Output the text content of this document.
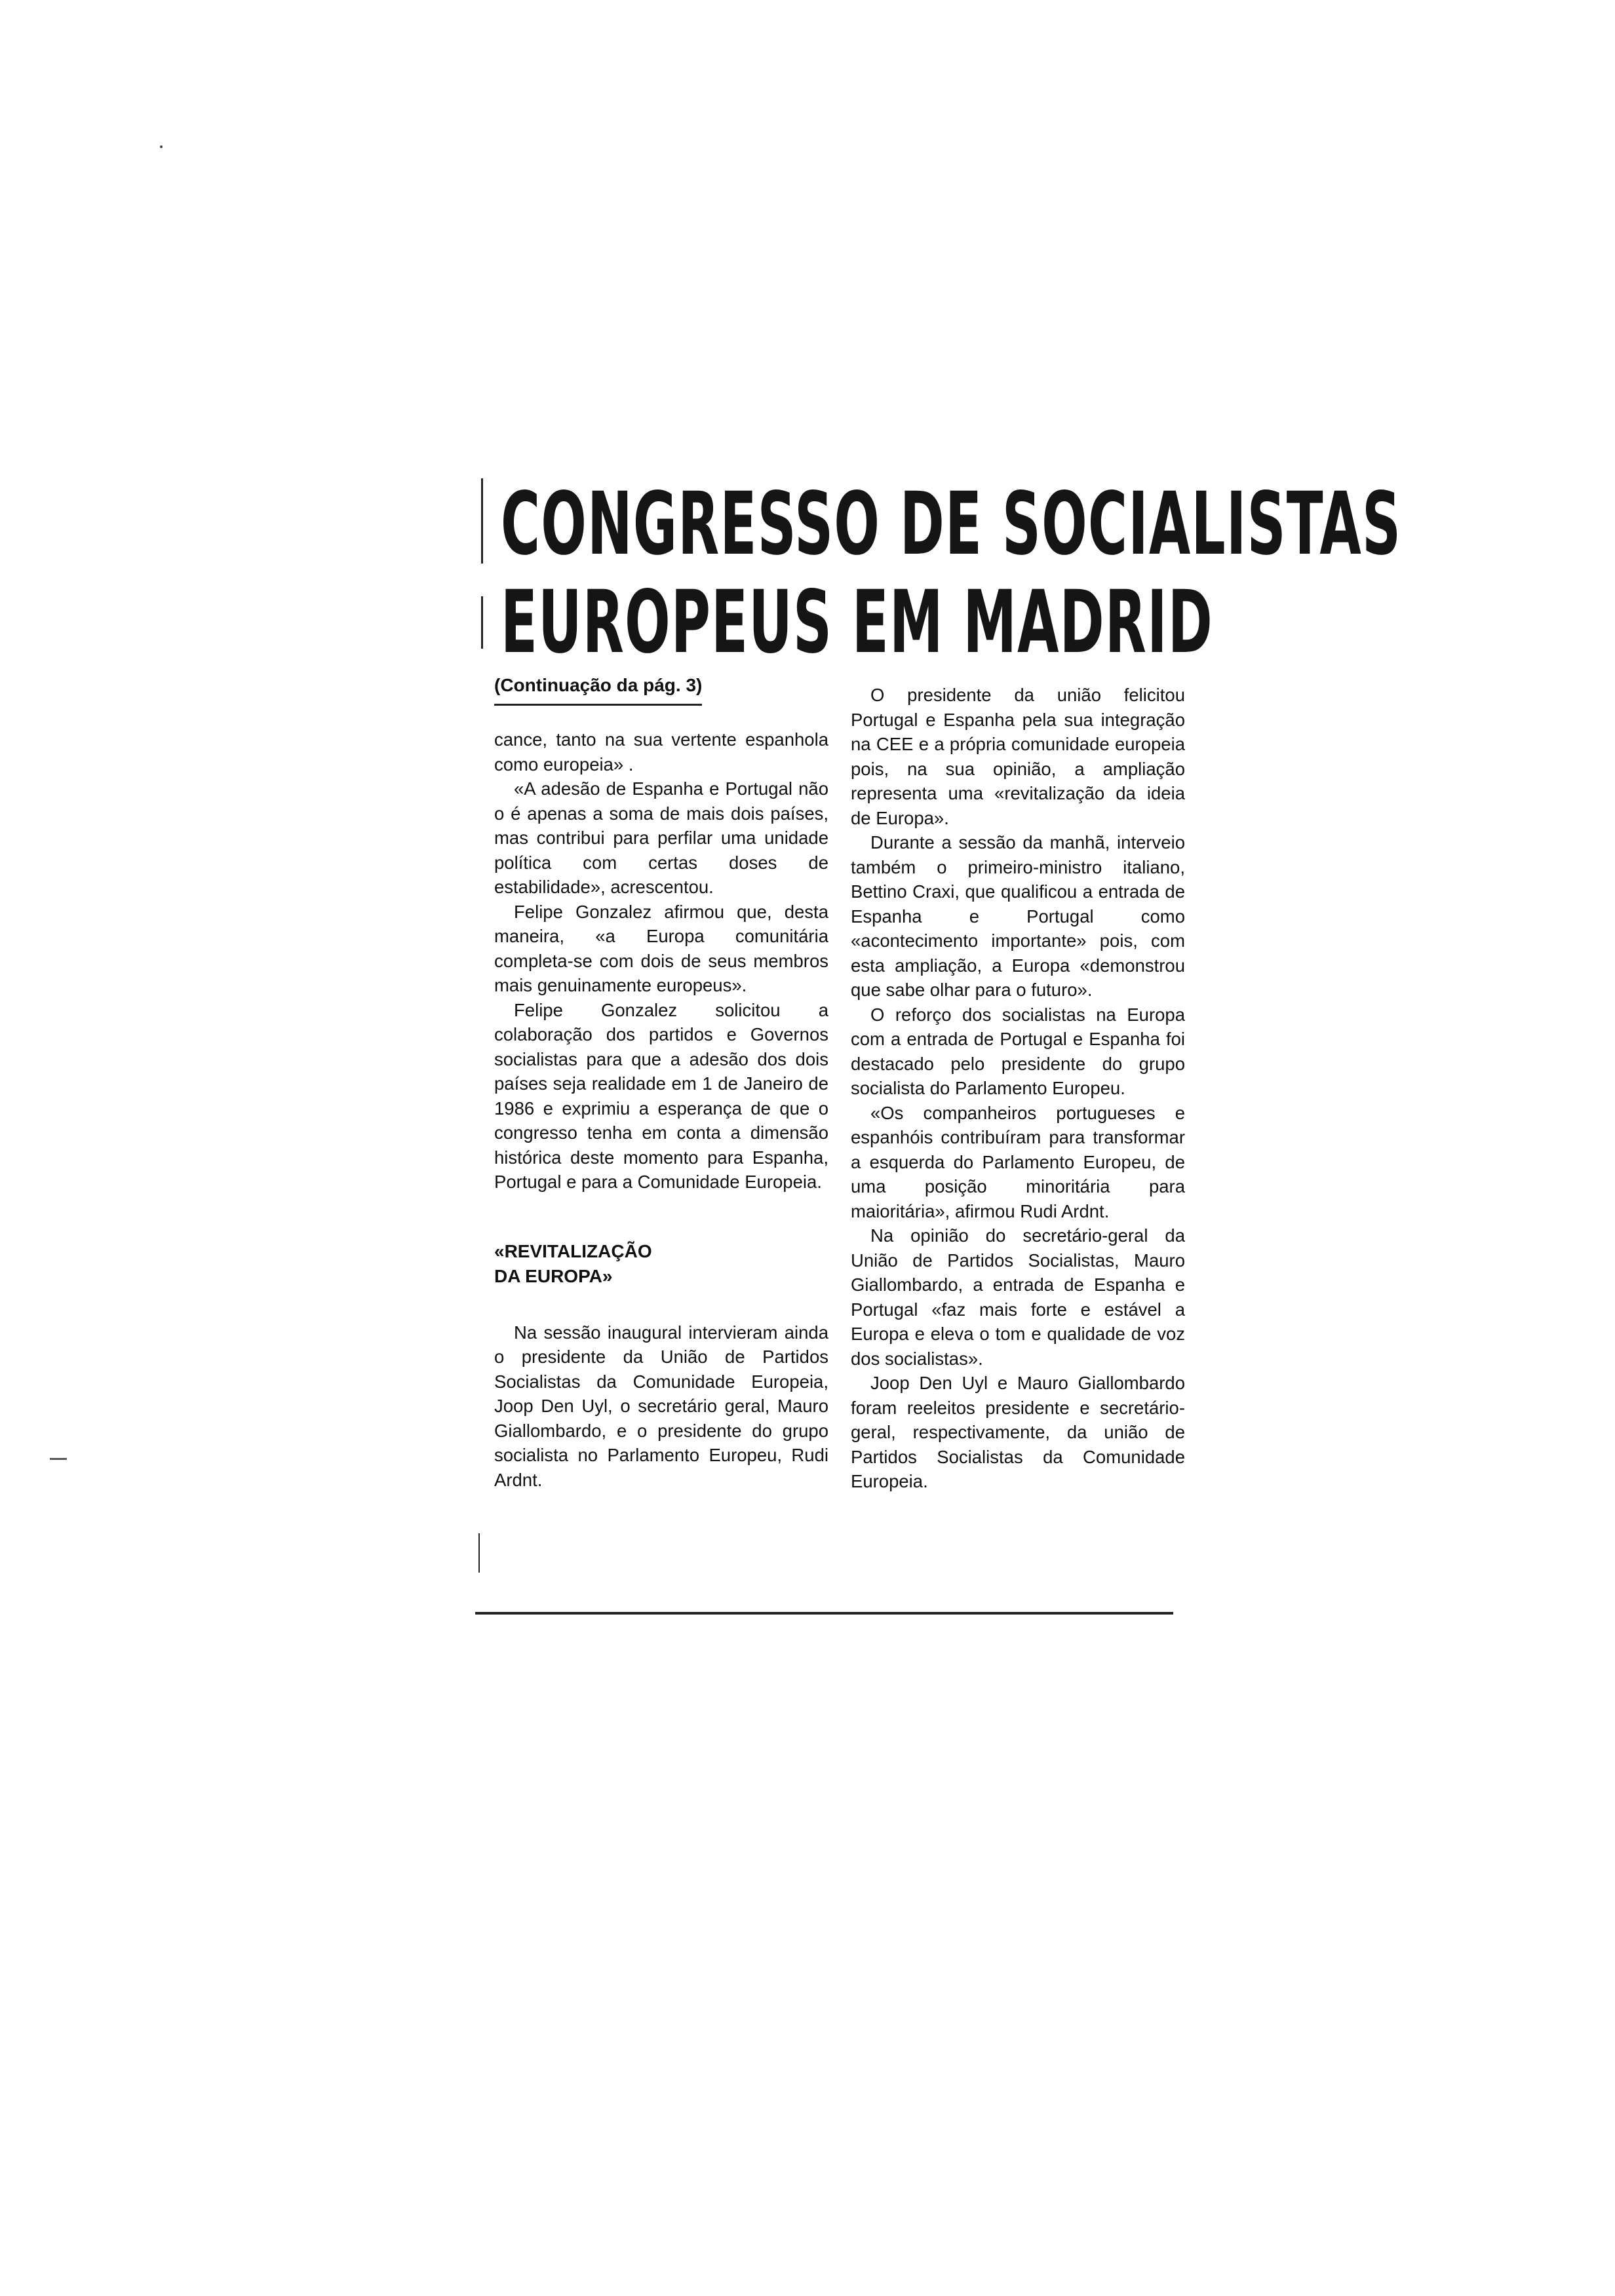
CONGRESSO DE SOCIALISTAS
EUROPEUS EM MADRID
(Continuação da pág. 3)

cance, tanto na sua vertente espanhola como europeia» .

«A adesão de Espanha e Portugal não o é apenas a soma de mais dois países, mas contribui para perfilar uma unidade política com certas doses de estabilidade», acrescentou.

Felipe Gonzalez afirmou que, desta maneira, «a Europa comunitária completa-se com dois de seus membros mais genuinamente europeus».

Felipe Gonzalez solicitou a colaboração dos partidos e Governos socialistas para que a adesão dos dois países seja realidade em 1 de Janeiro de 1986 e exprimiu a esperança de que o congresso tenha em conta a dimensão histórica deste momento para Espanha, Portugal e para a Comunidade Europeia.

«REVITALIZAÇÃO
DA EUROPA»

Na sessão inaugural intervieram ainda o presidente da União de Partidos Socialistas da Comunidade Europeia, Joop Den Uyl, o secretário geral, Mauro Giallombardo, e o presidente do grupo socialista no Parlamento Europeu, Rudi Ardnt.

O presidente da união felicitou Portugal e Espanha pela sua integração na CEE e a própria comunidade europeia pois, na sua opinião, a ampliação representa uma «revitalização da ideia de Europa».

Durante a sessão da manhã, interveio também o primeiro-ministro italiano, Bettino Craxi, que qualificou a entrada de Espanha e Portugal como «acontecimento importante» pois, com esta ampliação, a Europa «demonstrou que sabe olhar para o futuro».

O reforço dos socialistas na Europa com a entrada de Portugal e Espanha foi destacado pelo presidente do grupo socialista do Parlamento Europeu.

«Os companheiros portugueses e espanhóis contribuíram para transformar a esquerda do Parlamento Europeu, de uma posição minoritária para maioritária», afirmou Rudi Ardnt.

Na opinião do secretário-geral da União de Partidos Socialistas, Mauro Giallombardo, a entrada de Espanha e Portugal «faz mais forte e estável a Europa e eleva o tom e qualidade de voz dos socialistas».

Joop Den Uyl e Mauro Giallombardo foram reeleitos presidente e secretário-geral, respectivamente, da união de Partidos Socialistas da Comunidade Europeia.
